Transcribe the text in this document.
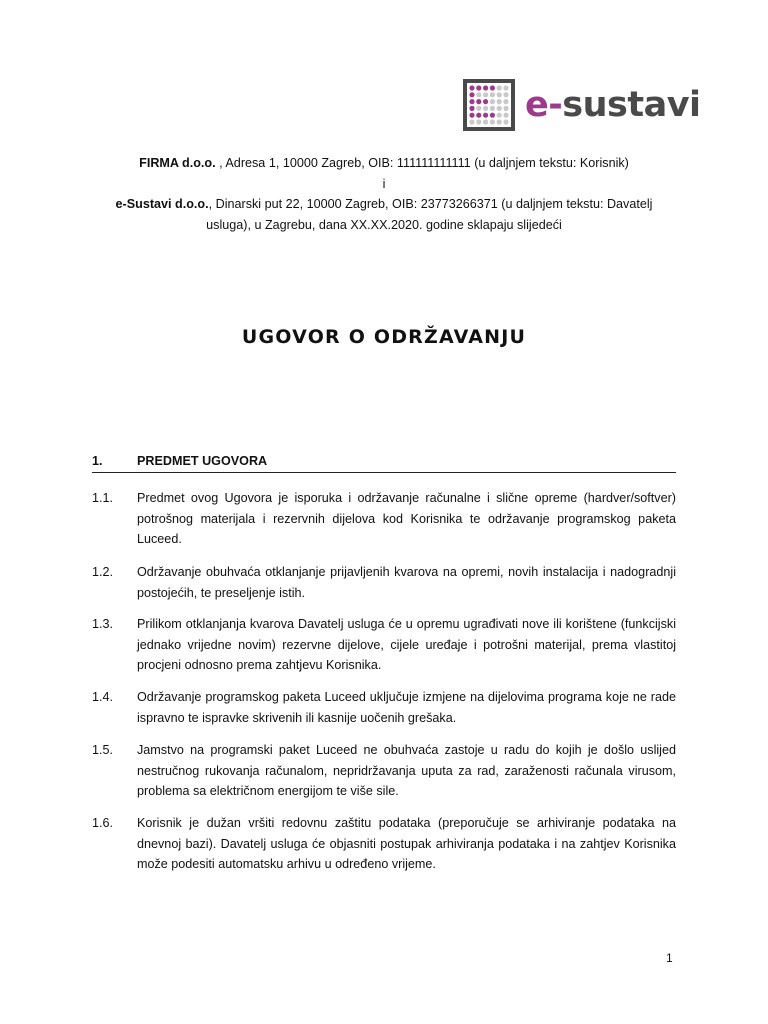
e-sustavi
FIRMA d.o.o. , Adresa 1, 10000 Zagreb, OIB: 111111111111 (u daljnjem tekstu: Korisnik)
i
e-Sustavi d.o.o., Dinarski put 22, 10000 Zagreb, OIB: 23773266371 (u daljnjem tekstu: Davatelj usluga), u Zagrebu, dana XX.XX.2020. godine sklapaju slijedeći
UGOVOR O ODRŽAVANJU
1.	PREDMET UGOVORA
1.1. Predmet ovog Ugovora je isporuka i održavanje računalne i slične opreme (hardver/softver) potrošnog materijala i rezervnih dijelova kod Korisnika te održavanje programskog paketa Luceed.
1.2. Održavanje obuhvaća otklanjanje prijavljenih kvarova na opremi, novih instalacija i nadogradnji postojećih, te preseljenje istih.
1.3. Prilikom otklanjanja kvarova Davatelj usluga će u opremu ugrađivati nove ili korištene (funkcijski jednako vrijedne novim) rezervne dijelove, cijele uređaje i potrošni materijal, prema vlastitoj procjeni odnosno prema zahtjevu Korisnika.
1.4. Održavanje programskog paketa Luceed uključuje izmjene na dijelovima programa koje ne rade ispravno te ispravke skrivenih ili kasnije uočenih grešaka.
1.5. Jamstvo na programski paket Luceed ne obuhvaća zastoje u radu do kojih je došlo uslijed nestručnog rukovanja računalom, nepridržavanja uputa za rad, zaraženosti računala virusom, problema sa električnom energijom te više sile.
1.6. Korisnik je dužan vršiti redovnu zaštitu podataka (preporučuje se arhiviranje podataka na dnevnoj bazi). Davatelj usluga će objasniti postupak arhiviranja podataka i na zahtjev Korisnika može podesiti automatsku arhivu u određeno vrijeme.
1
